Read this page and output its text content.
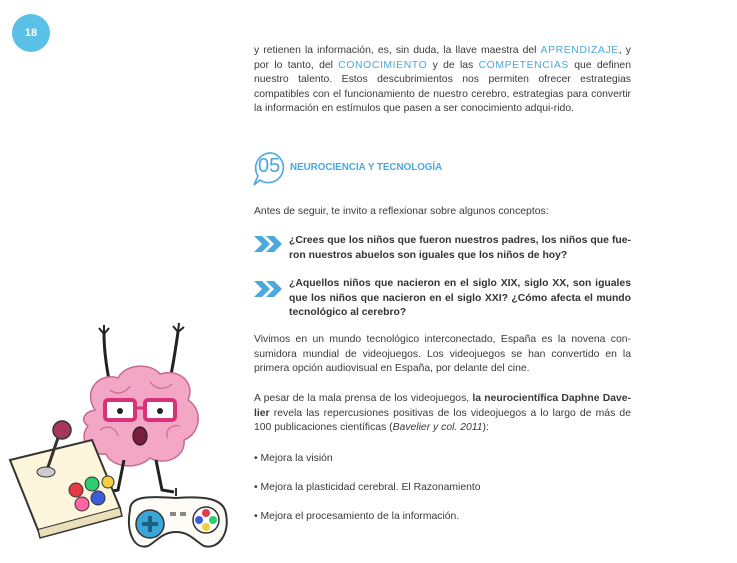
18
y retienen la información, es, sin duda, la llave maestra del APRENDIZAJE, y por lo tanto, del CONOCIMIENTO y de las COMPETENCIAS que definen nuestro talento. Estos descubrimientos nos permiten ofrecer estrategias compatibles con el funcionamiento de nuestro cerebro, estrategias para convertir la información en estímulos que pasen a ser conocimiento adqui-rido.
05 NEUROCIENCIA Y TECNOLOGÍA
Antes de seguir, te invito a reflexionar sobre algunos conceptos:
¿Crees que los niños que fueron nuestros padres, los niños que fue-ron nuestros abuelos son iguales que los niños de hoy?
¿Aquellos niños que nacieron en el siglo XIX, siglo XX, son iguales que los niños que nacieron en el siglo XXI? ¿Cómo afecta el mundo tecnológico al cerebro?
Vivimos en un mundo tecnológico interconectado, España es la novena con-sumidora mundial de videojuegos. Los videojuegos se han convertido en la primera opción audiovisual en España, por delante del cine.
A pesar de la mala prensa de los videojuegos, la neurocientífica Daphne Dave-lier revela las repercusiones positivas de los videojuegos a lo largo de más de 100 publicaciones científicas (Bavelier y col. 2011):
• Mejora la visión
• Mejora la plasticidad cerebral. El Razonamiento
• Mejora el procesamiento de la información.
